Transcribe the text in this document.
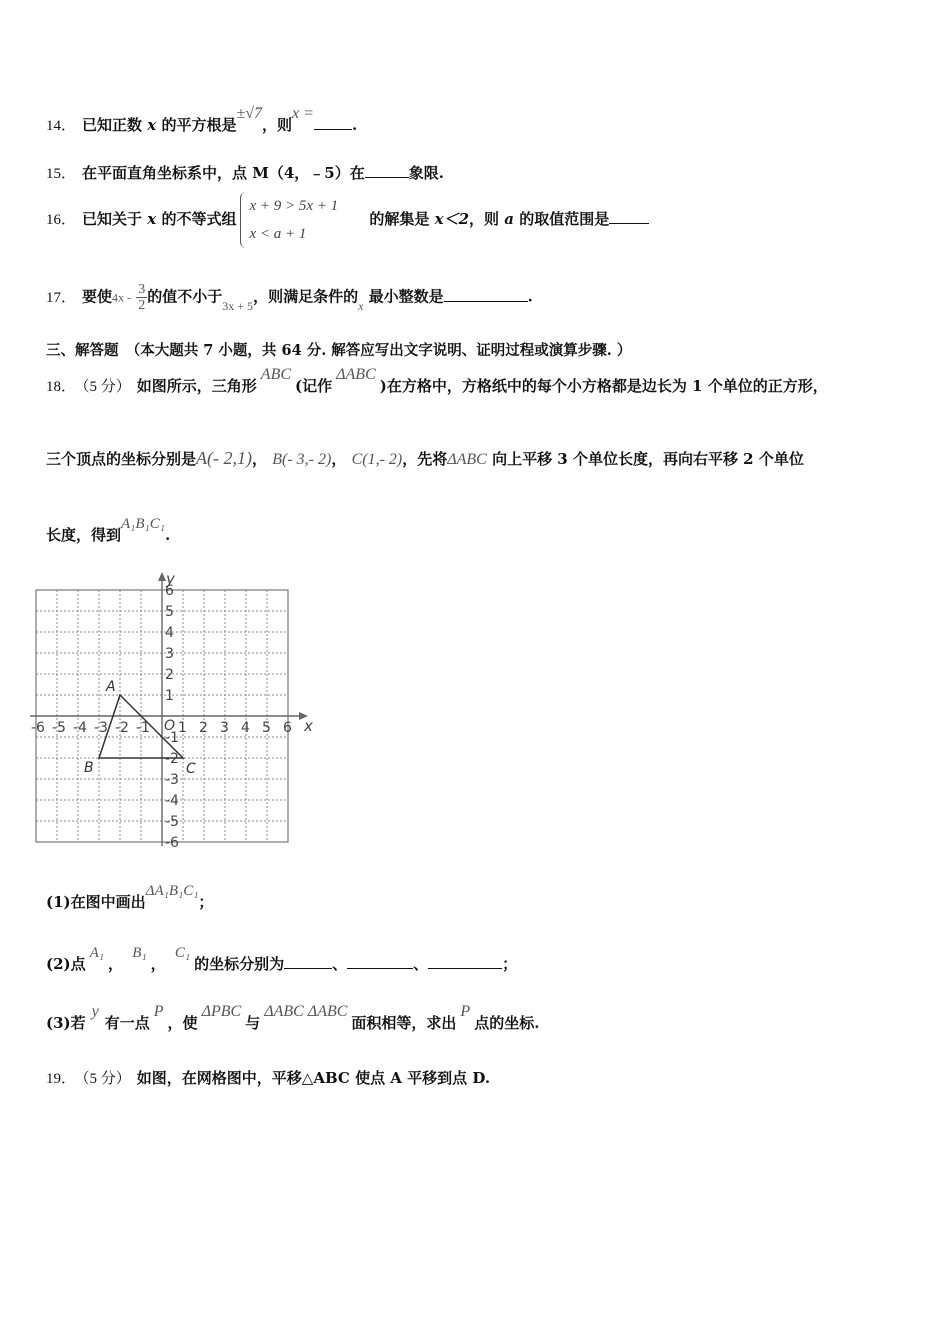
14． 已知正数 x 的平方根是±√7，则x =.
15． 在平面直角坐标系中，点 M（4，﹣5）在	象限.
16． 已知关于 x 的不等式组
x + 9 > 5x + 1
x < a + 1
的解集是 x＜2，则 a 的取值范围是
17． 要使$4x - \frac{3}{2}$ 的值不小于$_{3x + 5}$，则满足条件的$_x$ 最小整数是	.
三、解答题　（本大题共 7 小题，共 64 分. 解答应写出文字说明、证明过程或演算步骤. ）
18． （5 分） 如图所示，三角形ABC(记作ΔABC)在方格中，方格纸中的每个小方格都是边长为 1 个单位的正方形，
三个顶点的坐标分别是A(- 2,1)， B(- 3,- 2)， C(1,- 2)，先将ΔABC 向上平移 3 个单位长度，再向右平移 2 个单位
长度，得到A₁B₁C₁.
x
y
O
-6
-6
-5
-5
-4
-4
-3
-3
-2
-2
-1
-1
1
1
2
2
3
3
4
4
5
5
6
6
A
B	C
(1)在图中画出ΔA₁B₁C₁；
(2)点A₁， B₁， C₁的坐标分别为	、	、	；
(3)若y有一点P，使ΔPBC与ΔABC ΔABC面积相等，求出P点的坐标.
19． （5 分） 如图，在网格图中，平移△ABC 使点 A 平移到点 D.
